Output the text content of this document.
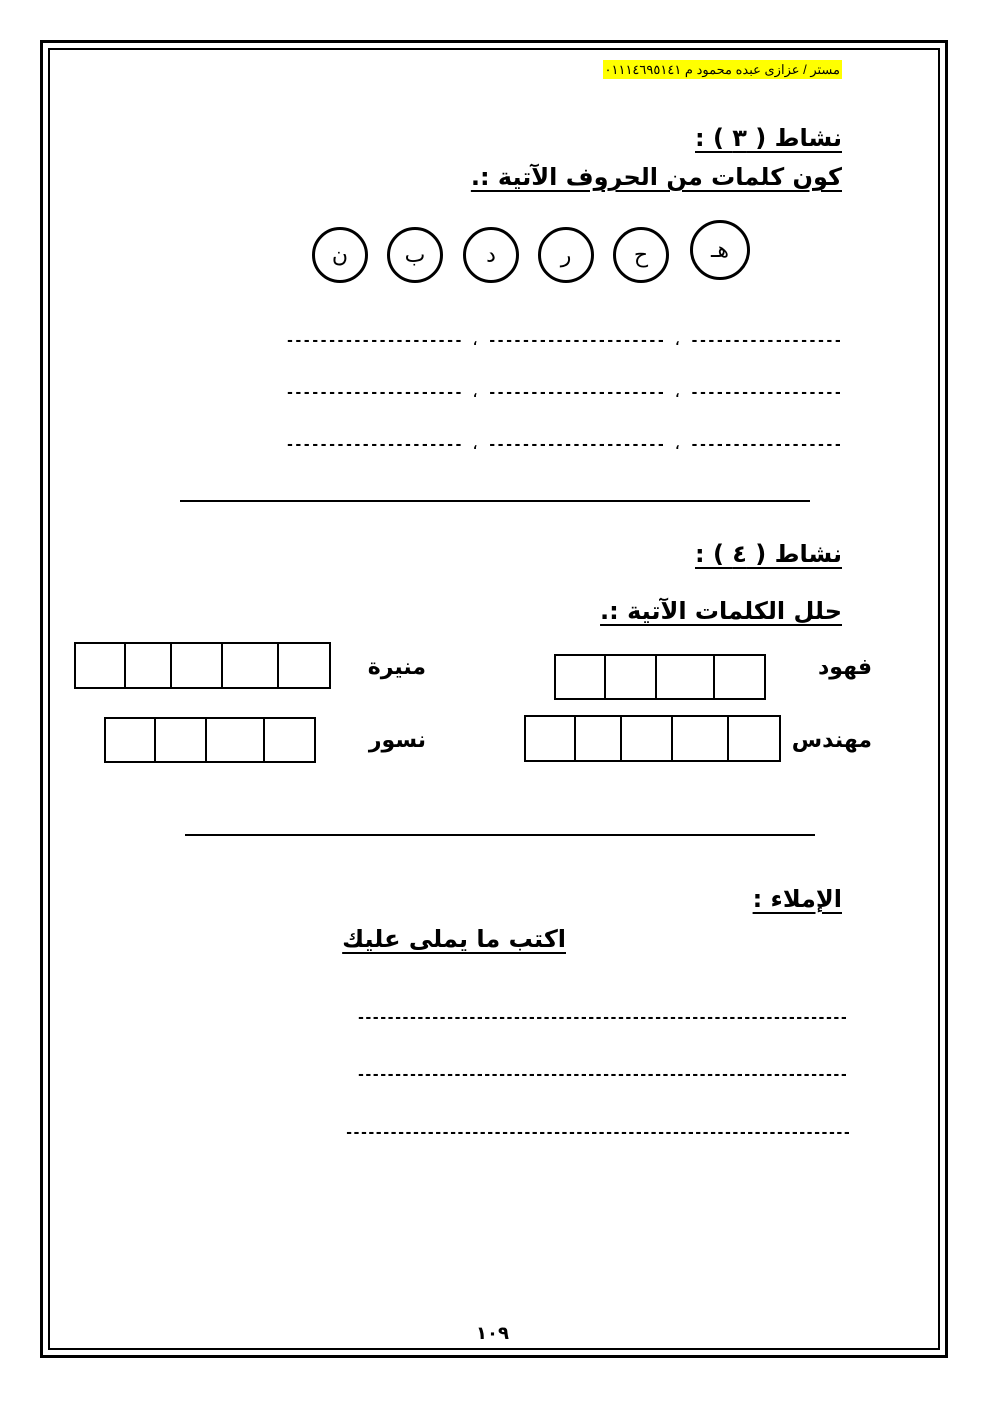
مستر / عزازى عبده محمود م ٠١١١٤٦٩٥١٤١
نشاط ( ٣ ) :
كون كلمات من الحروف الآتية :.
هـ
ح
ر
د
ب
ن
------------------ ، --------------------- ، ---------------------
------------------ ، --------------------- ، ---------------------
------------------ ، --------------------- ، ---------------------
نشاط ( ٤ ) :
حلل الكلمات الآتية :.
فهود
منيرة
مهندس
نسور
الإملاء :
اكتب ما يملى عليك
------------------------------------------------------------------
------------------------------------------------------------------
--------------------------------------------------------------------
١٠٩
